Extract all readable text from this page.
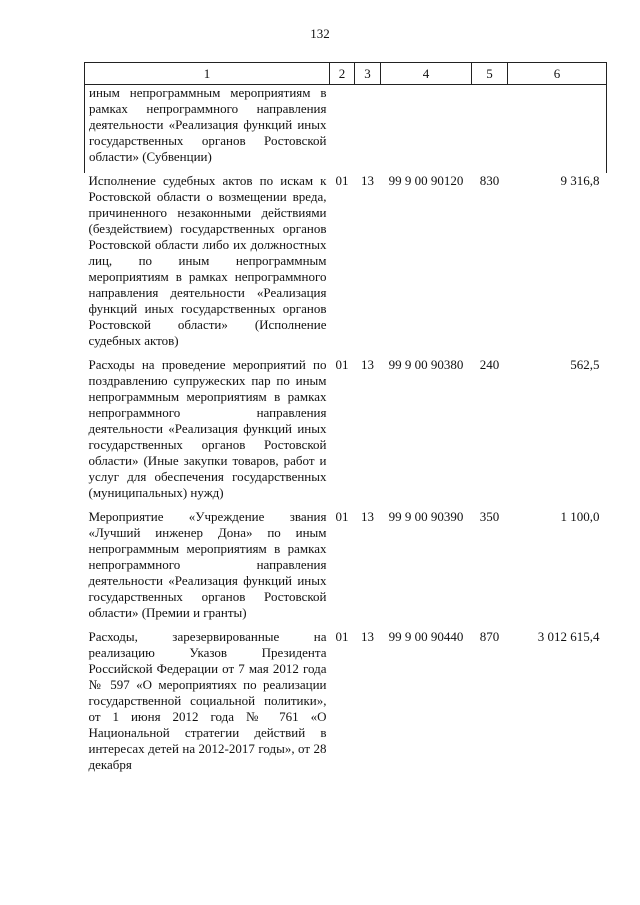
132
1	2	3	4	5	6
иным непрограммным мероприятиям в рамках непрограммного направления деятельности «Реализация функций иных государственных органов Ростовской области» (Субвенции)					
Исполнение судебных актов по искам к Ростовской области о возмещении вреда, причиненного незаконными действиями (бездействием) государственных органов Ростовской области либо их должностных лиц, по иным непрограммным мероприятиям в рамках непрограммного направления деятельности «Реализация функций иных государственных органов Ростовской области» (Исполнение судебных актов)	01	13	99 9 00 90120	830	9 316,8
Расходы на проведение мероприятий по поздравлению супружеских пар по иным непрограммным мероприятиям в рамках непрограммного направления деятельности «Реализация функций иных государственных органов Ростовской области» (Иные закупки товаров, работ и услуг для обеспечения государственных (муниципальных) нужд)	01	13	99 9 00 90380	240	562,5
Мероприятие «Учреждение звания «Лучший инженер Дона» по иным непрограммным мероприятиям в рамках непрограммного направления деятельности «Реализация функций иных государственных органов Ростовской области» (Премии и гранты)	01	13	99 9 00 90390	350	1 100,0
Расходы, зарезервированные на реализацию Указов Президента Российской Федерации от 7 мая 2012 года № 597 «О мероприятиях по реализации государственной социальной политики», от 1 июня 2012 года № 761 «О Национальной стратегии действий в интересах детей на 2012-2017 годы», от 28 декабря	01	13	99 9 00 90440	870	3 012 615,4
